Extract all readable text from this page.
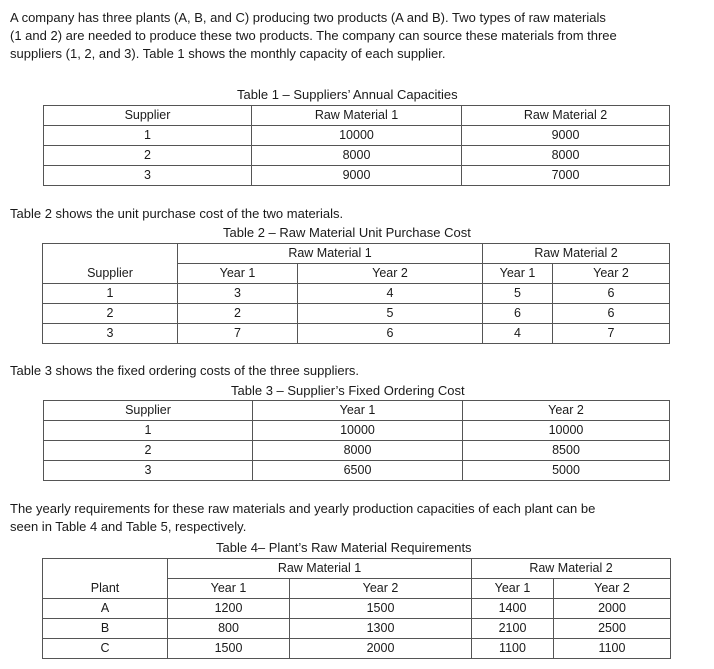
A company has three plants (A, B, and C) producing two products (A and B). Two types of raw materials
(1 and 2) are needed to produce these two products. The company can source these materials from three
suppliers (1, 2, and 3). Table 1 shows the monthly capacity of each supplier.
Table 1 – Suppliers’ Annual Capacities
Supplier	Raw Material 1	Raw Material 2
1	10000	9000
2	8000	8000
3	9000	7000
Table 2 shows the unit purchase cost of the two materials.
Table 2 – Raw Material Unit Purchase Cost
	Raw Material 1		Raw Material 2	
Supplier	Year 1	Year 2	Year 1	Year 2
1	3	4	5	6
2	2	5	6	6
3	7	6	4	7
Table 3 shows the fixed ordering costs of the three suppliers.
Table 3 – Supplier’s Fixed Ordering Cost
Supplier	Year 1	Year 2
1	10000	10000
2	8000	8500
3	6500	5000
The yearly requirements for these raw materials and yearly production capacities of each plant can be
seen in Table 4 and Table 5, respectively.
Table 4– Plant’s Raw Material Requirements
	Raw Material 1		Raw Material 2	
Plant	Year 1	Year 2	Year 1	Year 2
A	1200	1500	1400	2000
B	800	1300	2100	2500
C	1500	2000	1100	1100
